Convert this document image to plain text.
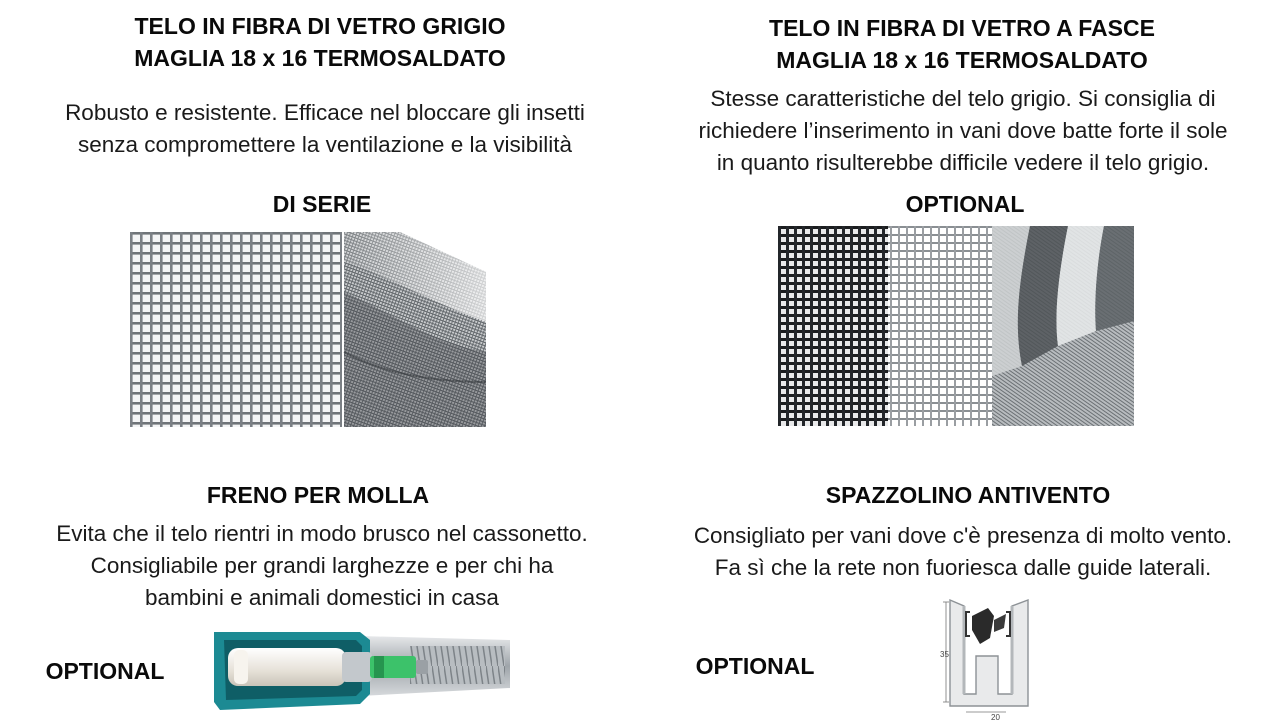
TELO IN FIBRA DI VETRO GRIGIO
MAGLIA 18 x 16 TERMOSALDATO
Robusto e resistente. Efficace nel bloccare gli insetti
senza compromettere la ventilazione e la visibilità
DI SERIE
TELO IN FIBRA DI VETRO A FASCE
MAGLIA 18 x 16 TERMOSALDATO
Stesse caratteristiche del telo grigio. Si consiglia di
richiedere l’inserimento in vani dove batte forte il sole
in quanto risulterebbe difficile vedere il telo grigio.
OPTIONAL
FRENO PER MOLLA
Evita che il telo rientri in modo brusco nel cassonetto.
Consigliabile per grandi larghezze e per chi ha
bambini e animali domestici in casa
OPTIONAL
SPAZZOLINO ANTIVENTO
Consigliato per vani dove c'è presenza di molto vento.
Fa sì che la rete non fuoriesca dalle guide laterali.
OPTIONAL	35
20
